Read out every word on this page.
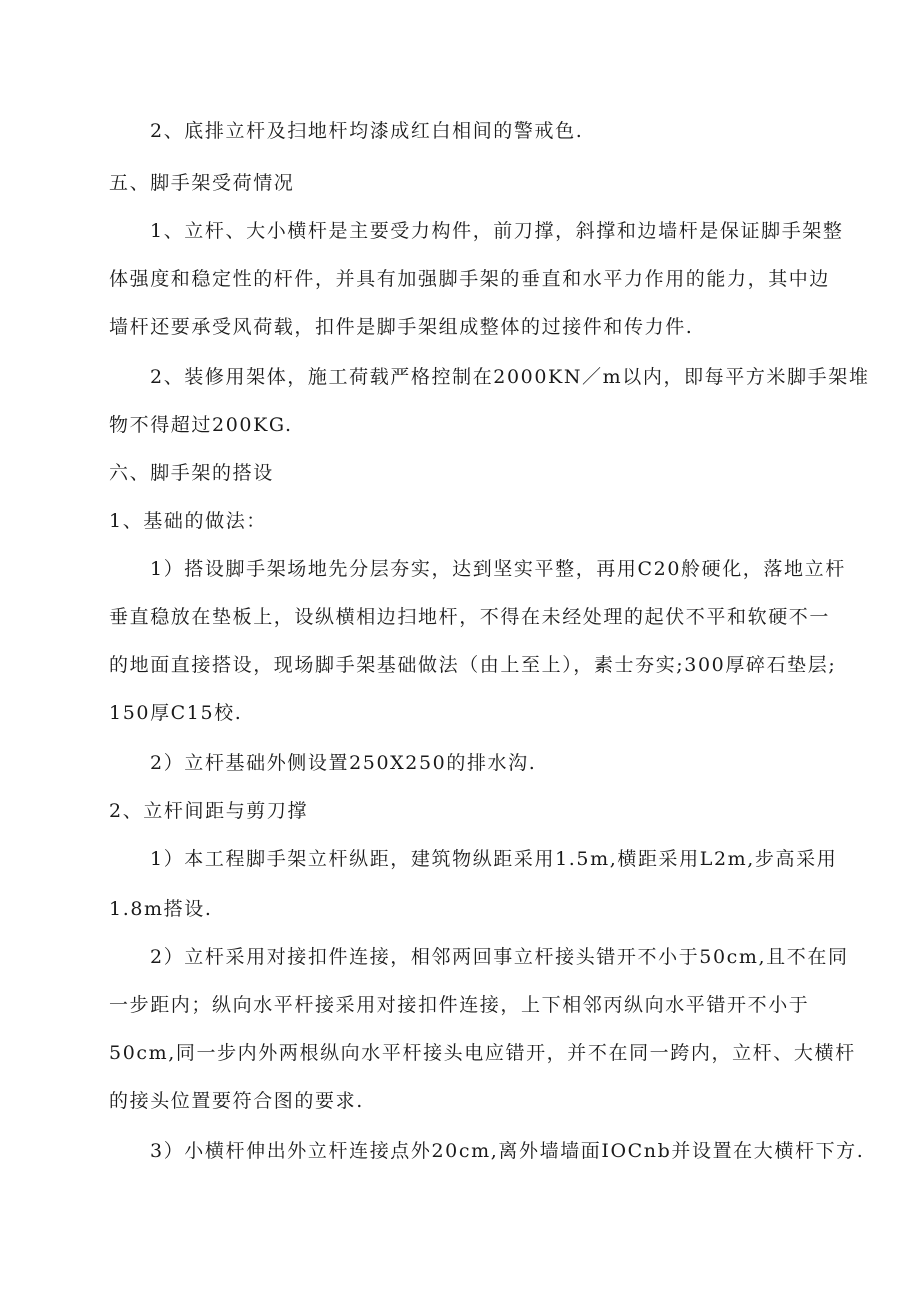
2、底排立杆及扫地杆均漆成红白相间的警戒色.
五、脚手架受荷情况
1、立杆、大小横杆是主要受力构件，前刀撑，斜撑和边墙杆是保证脚手架整
体强度和稳定性的杆件，并具有加强脚手架的垂直和水平力作用的能力，其中边
墙杆还要承受风荷载，扣件是脚手架组成整体的过接件和传力件.
2、装修用架体，施工荷载严格控制在2000KN／m以内，即每平方米脚手架堆
物不得超过200KG.
六、脚手架的搭设
1、基础的做法：
1）搭设脚手架场地先分层夯实，达到坚实平整，再用C20舲硬化，落地立杆
垂直稳放在垫板上，设纵横相边扫地杆，不得在未经处理的起伏不平和软硬不一
的地面直接搭设，现场脚手架基础做法（由上至上），素士夯实;300厚碎石垫层;
150厚C15校.
2）立杆基础外侧设置250X250的排水沟.
2、立杆间距与剪刀撑
1）本工程脚手架立杆纵距，建筑物纵距采用1.5m,横距采用L2m,步高采用
1.8m搭设.
2）立杆采用对接扣件连接，相邻两回事立杆接头错开不小于50cm,且不在同
一步距内；纵向水平杆接采用对接扣件连接，上下相邻丙纵向水平错开不小于
50cm,同一步内外两根纵向水平杆接头电应错开，并不在同一跨内，立杆、大横杆
的接头位置要符合图的要求.
3）小横杆伸出外立杆连接点外20cm,离外墙墙面IOCnb并设置在大横杆下方.
